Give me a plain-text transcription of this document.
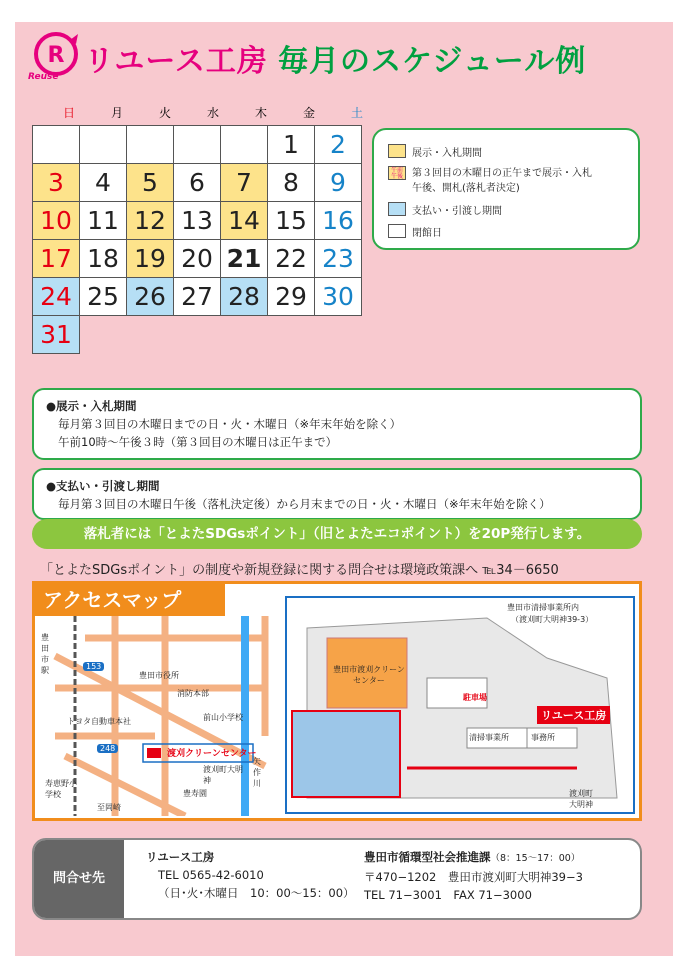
R
Reuse リユース工房 毎月のスケジュール例
日	月	火	水	木	金	土
					1	2
3	4	5	6	7	8	9
10	11	12	13	14	15	16
17	18	19	20	21	22	23
24	25	26	27	28	29	30
31						
展示・入札期間
午前
午後 第３回目の木曜日の正午まで展示・入札
午後、開札(落札者決定)
支払い・引渡し期間
閉館日
●展示・入札期間
毎月第３回目の木曜日までの日・火・木曜日（※年末年始を除く）
午前10時〜午後３時（第３回目の木曜日は正午まで）
●支払い・引渡し期間
毎月第３回目の木曜日午後（落札決定後）から月末までの日・火・木曜日（※年末年始を除く）
落札者には「とよたSDGsポイント」（旧とよたエコポイント）を20P発行します。
「とよたSDGsポイント」の制度や新規登録に関する問合せは環境政策課へ ℡34－6650
アクセスマップ
豊田市駅	153
248
豊田市役所
消防本部
トヨタ自動車本社	前山小学校
渡刈クリーンセンター
渡刈町大明神
豊寿園
寿恵野小学校
至岡崎
矢作川
豊田市清掃事業所内
（渡刈町大明神39-3）
豊田市渡刈クリーンセンター
駐車場
リユース工房
清掃事業所	事務所
渡刈町大明神
問合せ先
リユース工房
TEL 0565-42-6010
（日･火･木曜日　10：00〜15：00）
豊田市循環型社会推進課（8：15〜17：00）
〒470−1202　豊田市渡刈町大明神39−3
TEL 71−3001　FAX 71−3000
